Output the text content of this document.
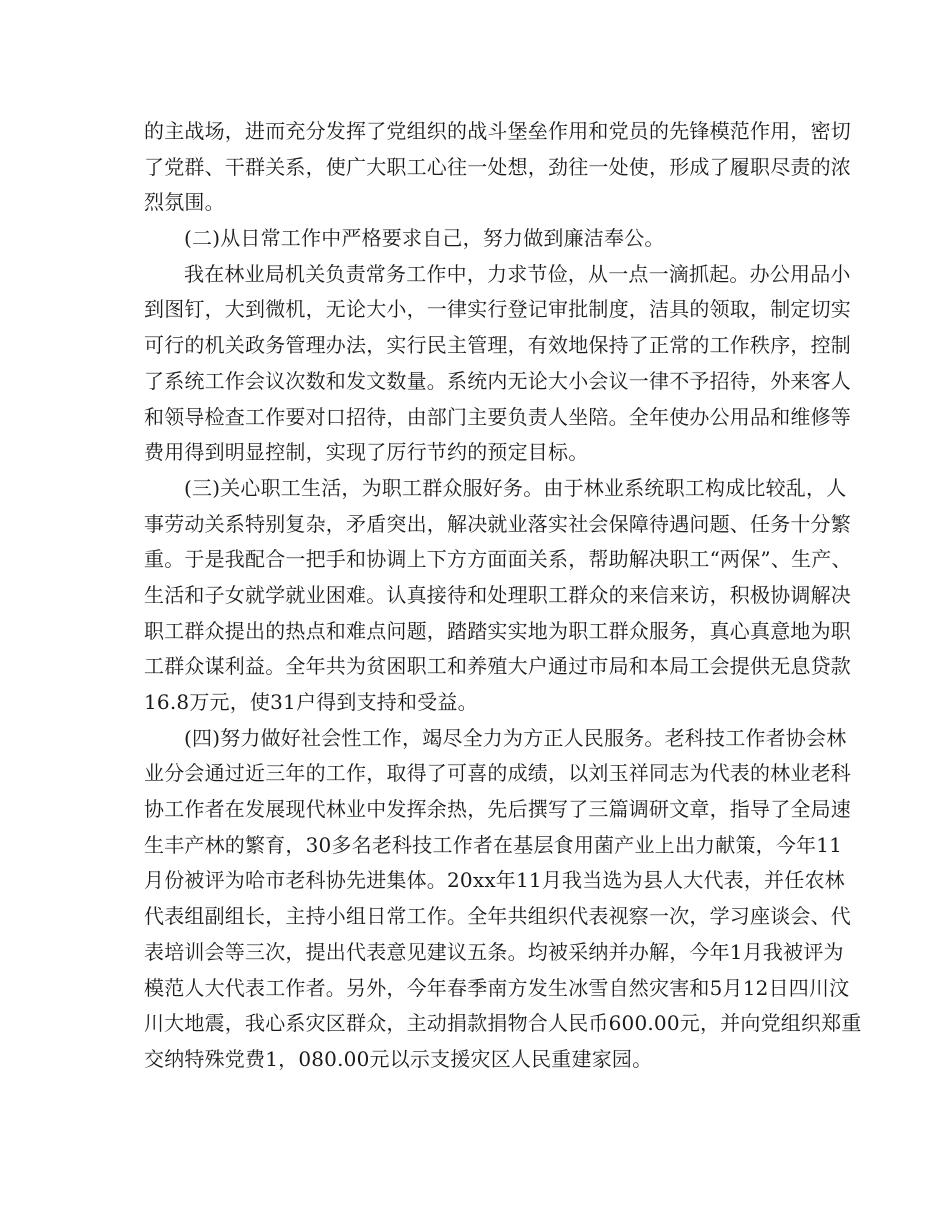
的主战场，进而充分发挥了党组织的战斗堡垒作用和党员的先锋模范作用，密切
了党群、干群关系，使广大职工心往一处想，劲往一处使，形成了履职尽责的浓
烈氛围。
(二)从日常工作中严格要求自己，努力做到廉洁奉公。
我在林业局机关负责常务工作中，力求节俭，从一点一滴抓起。办公用品小
到图钉，大到微机，无论大小，一律实行登记审批制度，洁具的领取，制定切实
可行的机关政务管理办法，实行民主管理，有效地保持了正常的工作秩序，控制
了系统工作会议次数和发文数量。系统内无论大小会议一律不予招待，外来客人
和领导检查工作要对口招待，由部门主要负责人坐陪。全年使办公用品和维修等
费用得到明显控制，实现了厉行节约的预定目标。
(三)关心职工生活，为职工群众服好务。由于林业系统职工构成比较乱，人
事劳动关系特别复杂，矛盾突出，解决就业落实社会保障待遇问题、任务十分繁
重。于是我配合一把手和协调上下方方面面关系，帮助解决职工“两保”、生产、
生活和子女就学就业困难。认真接待和处理职工群众的来信来访，积极协调解决
职工群众提出的热点和难点问题，踏踏实实地为职工群众服务，真心真意地为职
工群众谋利益。全年共为贫困职工和养殖大户通过市局和本局工会提供无息贷款
16.8万元，使31户得到支持和受益。
(四)努力做好社会性工作，竭尽全力为方正人民服务。老科技工作者协会林
业分会通过近三年的工作，取得了可喜的成绩，以刘玉祥同志为代表的林业老科
协工作者在发展现代林业中发挥余热，先后撰写了三篇调研文章，指导了全局速
生丰产林的繁育，30多名老科技工作者在基层食用菌产业上出力献策，今年11
月份被评为哈市老科协先进集体。20xx年11月我当选为县人大代表，并任农林
代表组副组长，主持小组日常工作。全年共组织代表视察一次，学习座谈会、代
表培训会等三次，提出代表意见建议五条。均被采纳并办解，今年1月我被评为
模范人大代表工作者。另外，今年春季南方发生冰雪自然灾害和5月12日四川汶
川大地震，我心系灾区群众，主动捐款捐物合人民币600.00元，并向党组织郑重
交纳特殊党费1，080.00元以示支援灾区人民重建家园。
